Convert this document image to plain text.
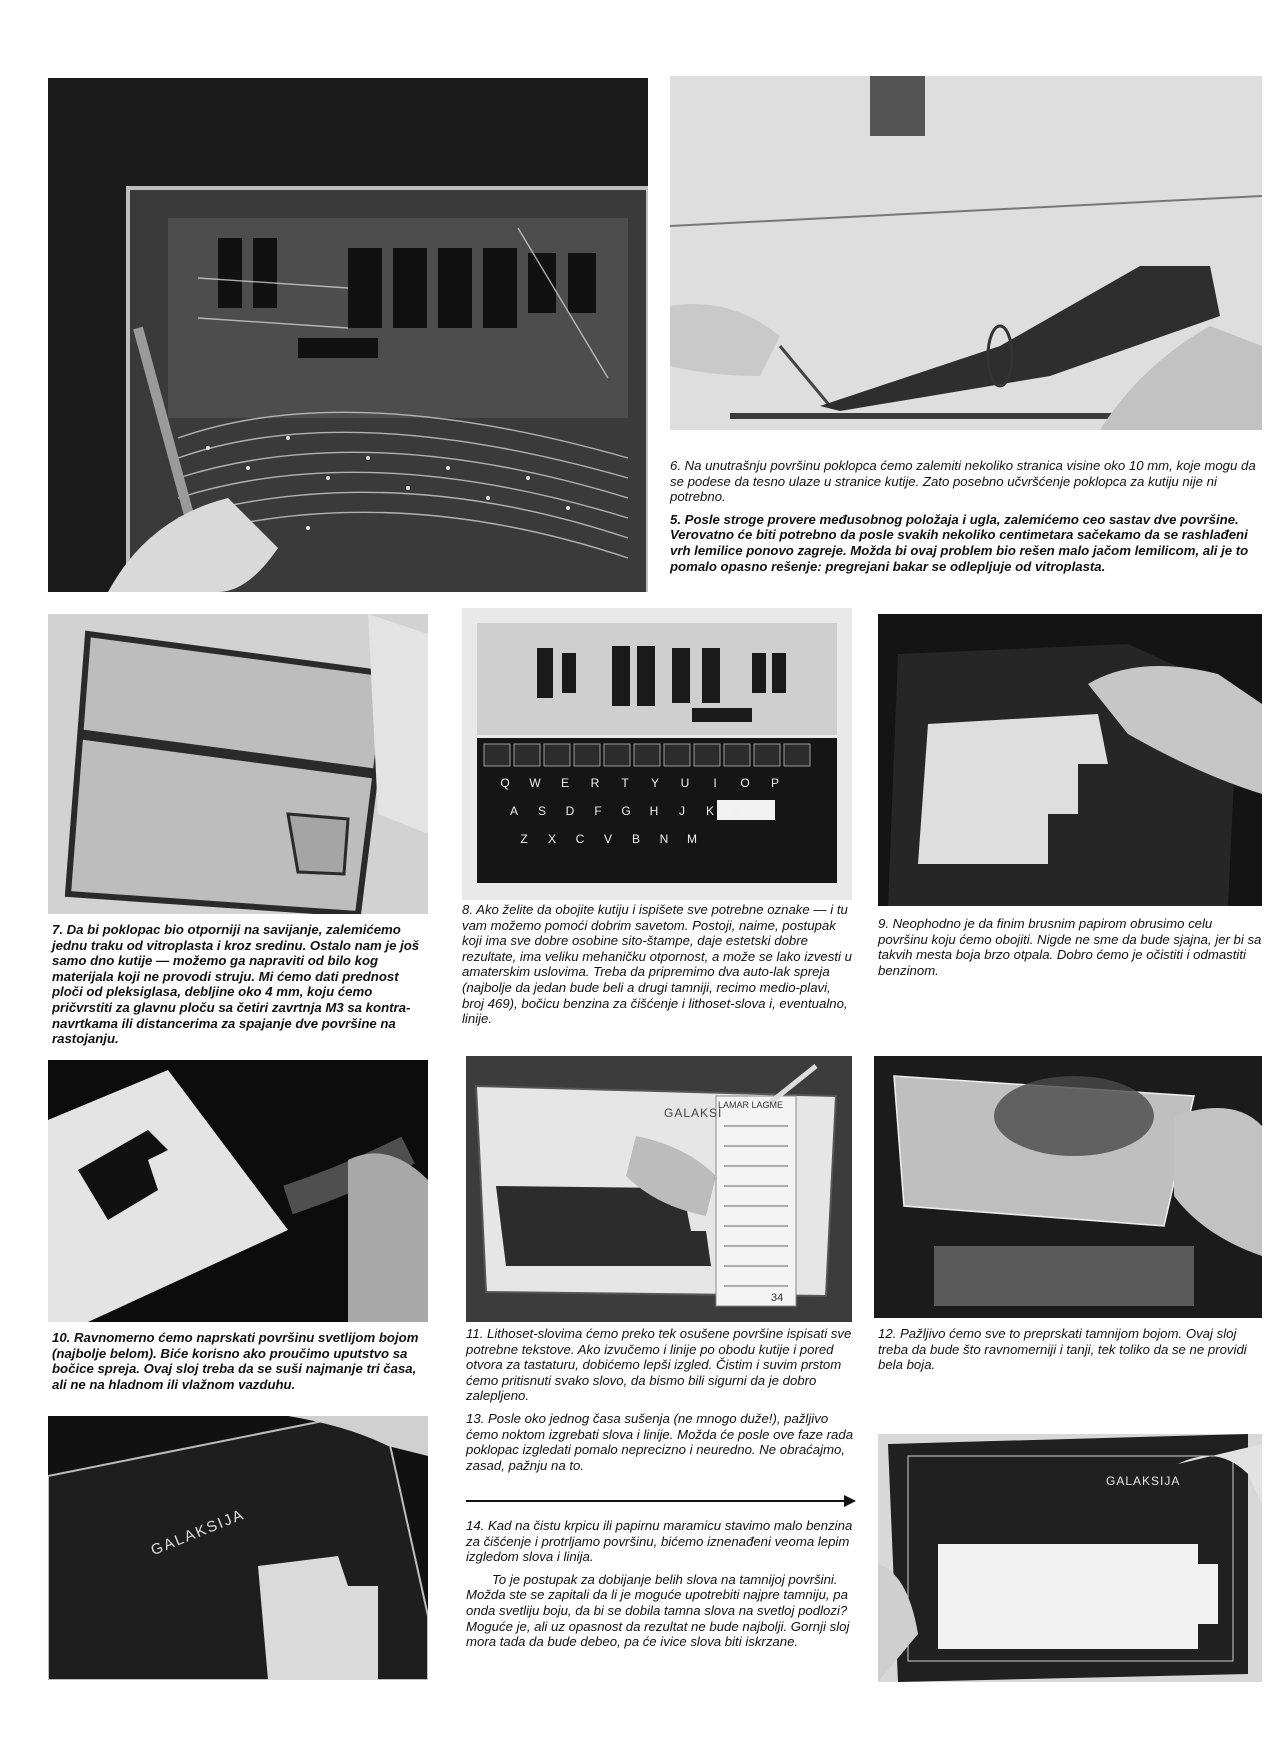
6. Na unutrašnju površinu poklopca ćemo zalemiti nekoliko stranica visine oko 10 mm, koje mogu da se podese da tesno ulaze u stranice kutije. Zato posebno učvršćenje poklopca za kutiju nije ni potrebno.

5. Posle stroge provere međusobnog položaja i ugla, zalemićemo ceo sastav dve površine. Verovatno će biti potrebno da posle svakih nekoliko centimetara sačekamo da se rashlađeni vrh lemilice ponovo zagreje. Možda bi ovaj problem bio rešen malo jačom lemilicom, ali je to pomalo opasno rešenje: pregrejani bakar se odlepljuje od vitroplasta.

Q	W	E	R	T	Y	U	I	O	P
A	S	D	F	G	H	J	K	L
Z	X	C	V	B	N	M
7. Da bi poklopac bio otporniji na savijanje, zalemićemo jednu traku od vitroplasta i kroz sredinu. Ostalo nam je još samo dno kutije — možemo ga napraviti od bilo kog materijala koji ne provodi struju. Mi ćemo dati prednost ploči od pleksiglasa, debljine oko 4 mm, koju ćemo pričvrstiti za glavnu ploču sa četiri zavrtnja M3 sa kontra-navrtkama ili distancerima za spajanje dve površine na rastojanju.
8. Ako želite da obojite kutiju i ispišete sve potrebne oznake — i tu vam možemo pomoći dobrim savetom. Postoji, naime, postupak koji ima sve dobre osobine sito-štampe, daje estetski dobre rezultate, ima veliku mehaničku otpornost, a može se lako izvesti u amaterskim uslovima. Treba da pripremimo dva auto-lak spreja (najbolje da jedan bude beli a drugi tamniji, recimo medio-plavi, broj 469), bočicu benzina za čišćenje i lithoset-slova i, eventualno, linije.
9. Neophodno je da finim brusnim papirom obrusimo celu površinu koju ćemo obojiti. Nigde ne sme da bude sjajna, jer bi sa takvih mesta boja brzo otpala. Dobro ćemo je očistiti i odmastiti benzinom.
LAMAR LAGME
GALAKSI
34
10. Ravnomerno ćemo naprskati površinu svetlijom bojom (najbolje belom). Biće korisno ako proučimo uputstvo sa bočice spreja. Ovaj sloj treba da se suši najmanje tri časa, ali ne na hladnom ili vlažnom vazduhu.

11. Lithoset-slovima ćemo preko tek osušene površine ispisati sve potrebne tekstove. Ako izvučemo i linije po obodu kutije i pored otvora za tastaturu, dobićemo lepši izgled. Čistim i suvim prstom ćemo pritisnuti svako slovo, da bismo bili sigurni da je dobro zalepljeno.

13. Posle oko jednog časa sušenja (ne mnogo duže!), pažljivo ćemo noktom izgrebati slova i linije. Možda će posle ove faze rada poklopac izgledati pomalo neprecizno i neuredno. Ne obraćajmo, zasad, pažnju na to.

12. Pažljivo ćemo sve to preprskati tamnijom bojom. Ovaj sloj treba da bude što ravnomerniji i tanji, tek toliko da se ne providi bela boja.

14. Kad na čistu krpicu ili papirnu maramicu stavimo malo benzina za čišćenje i protrljamo površinu, bićemo iznenađeni veoma lepim izgledom slova i linija.

To je postupak za dobijanje belih slova na tamnijoj površini. Možda ste se zapitali da li je moguće upotrebiti najpre tamniju, pa onda svetliju boju, da bi se dobila tamna slova na svetloj podlozi? Moguće je, ali uz opasnost da rezultat ne bude najbolji. Gornji sloj mora tada da bude debeo, pa će ivice slova biti iskrzane.

GALAKSIJA
GALAKSIJA
